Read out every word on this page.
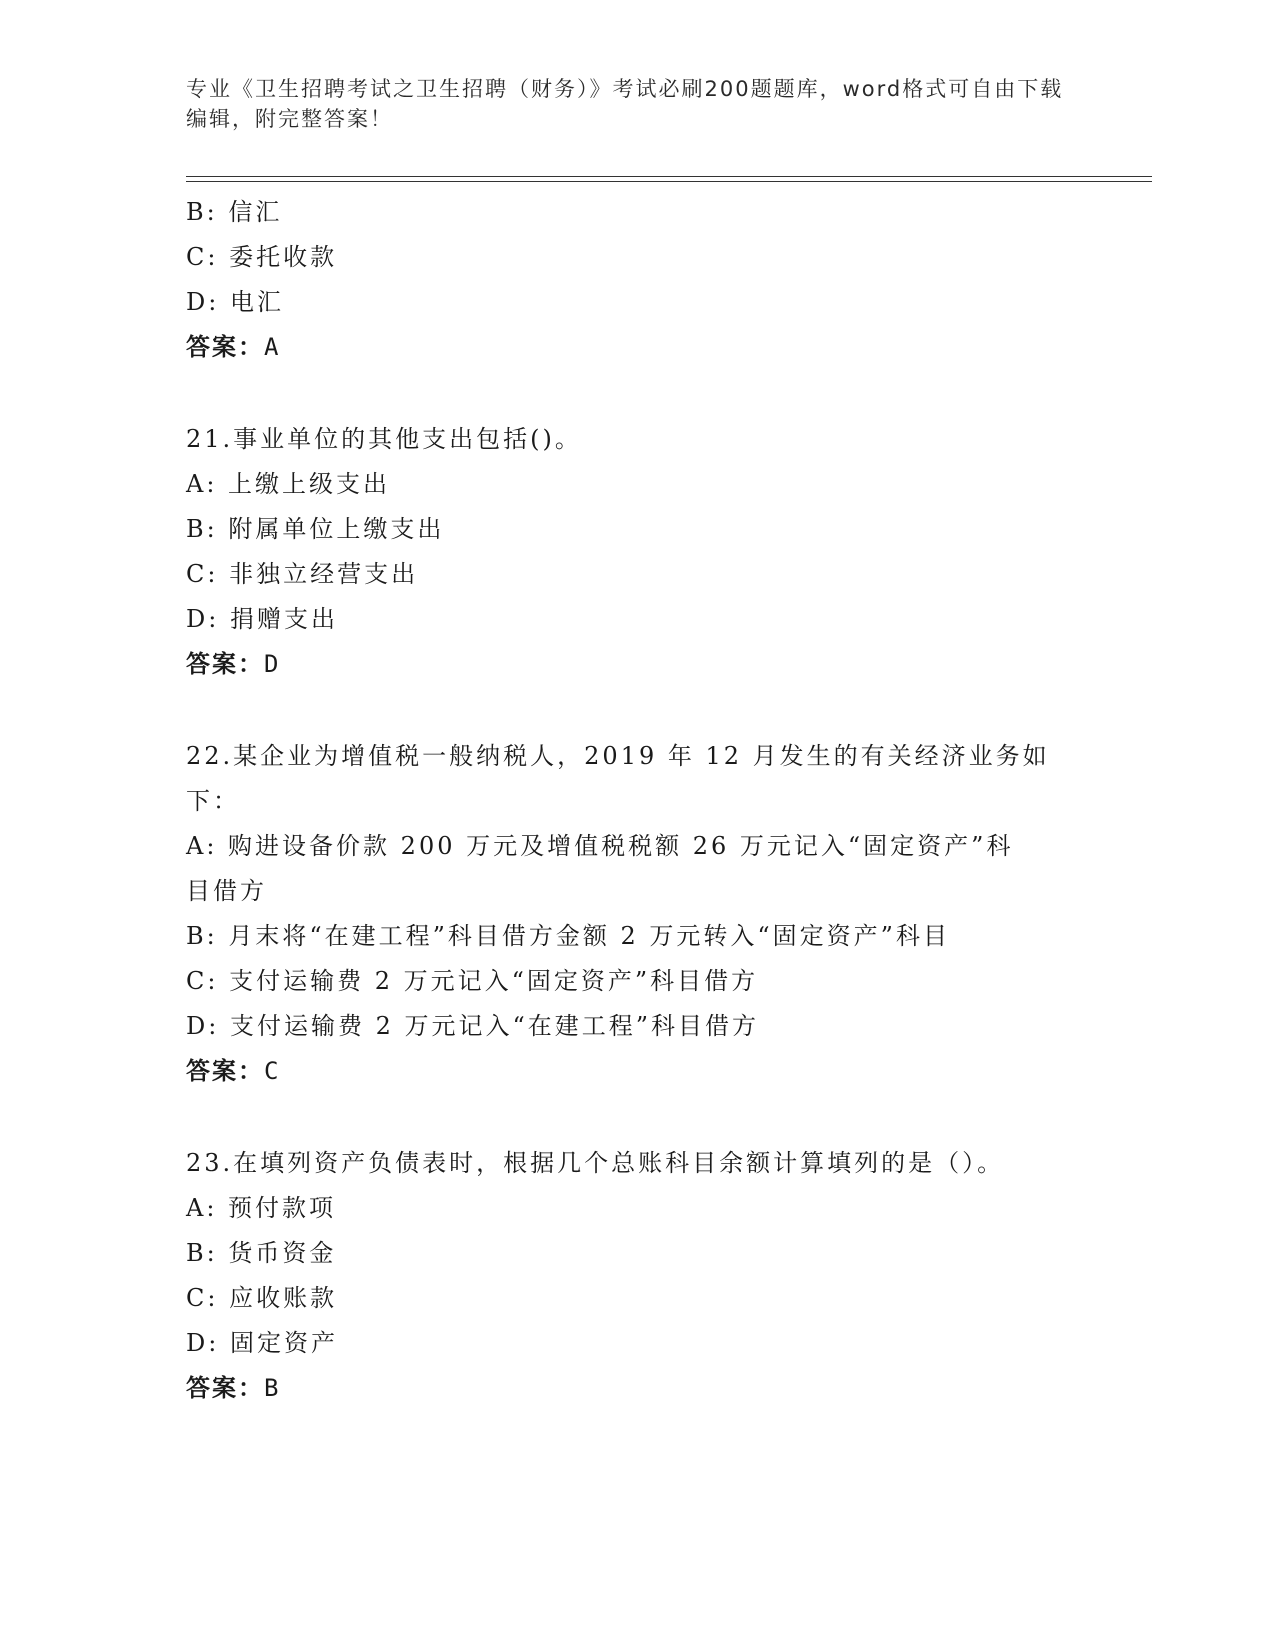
专业《卫生招聘考试之卫生招聘（财务）》考试必刷200题题库，word格式可自由下载编辑，附完整答案！
B: 信汇
C: 委托收款
D: 电汇
答案：A
21.事业单位的其他支出包括()。
A: 上缴上级支出
B: 附属单位上缴支出
C: 非独立经营支出
D: 捐赠支出
答案：D
22.某企业为增值税一般纳税人，2019 年 12 月发生的有关经济业务如
下：
A: 购进设备价款 200 万元及增值税税额 26 万元记入“固定资产”科
目借方
B: 月末将“在建工程”科目借方金额 2 万元转入“固定资产”科目
C: 支付运输费 2 万元记入“固定资产”科目借方
D: 支付运输费 2 万元记入“在建工程”科目借方
答案：C
23.在填列资产负债表时，根据几个总账科目余额计算填列的是（）。
A: 预付款项
B: 货币资金
C: 应收账款
D: 固定资产
答案：B
